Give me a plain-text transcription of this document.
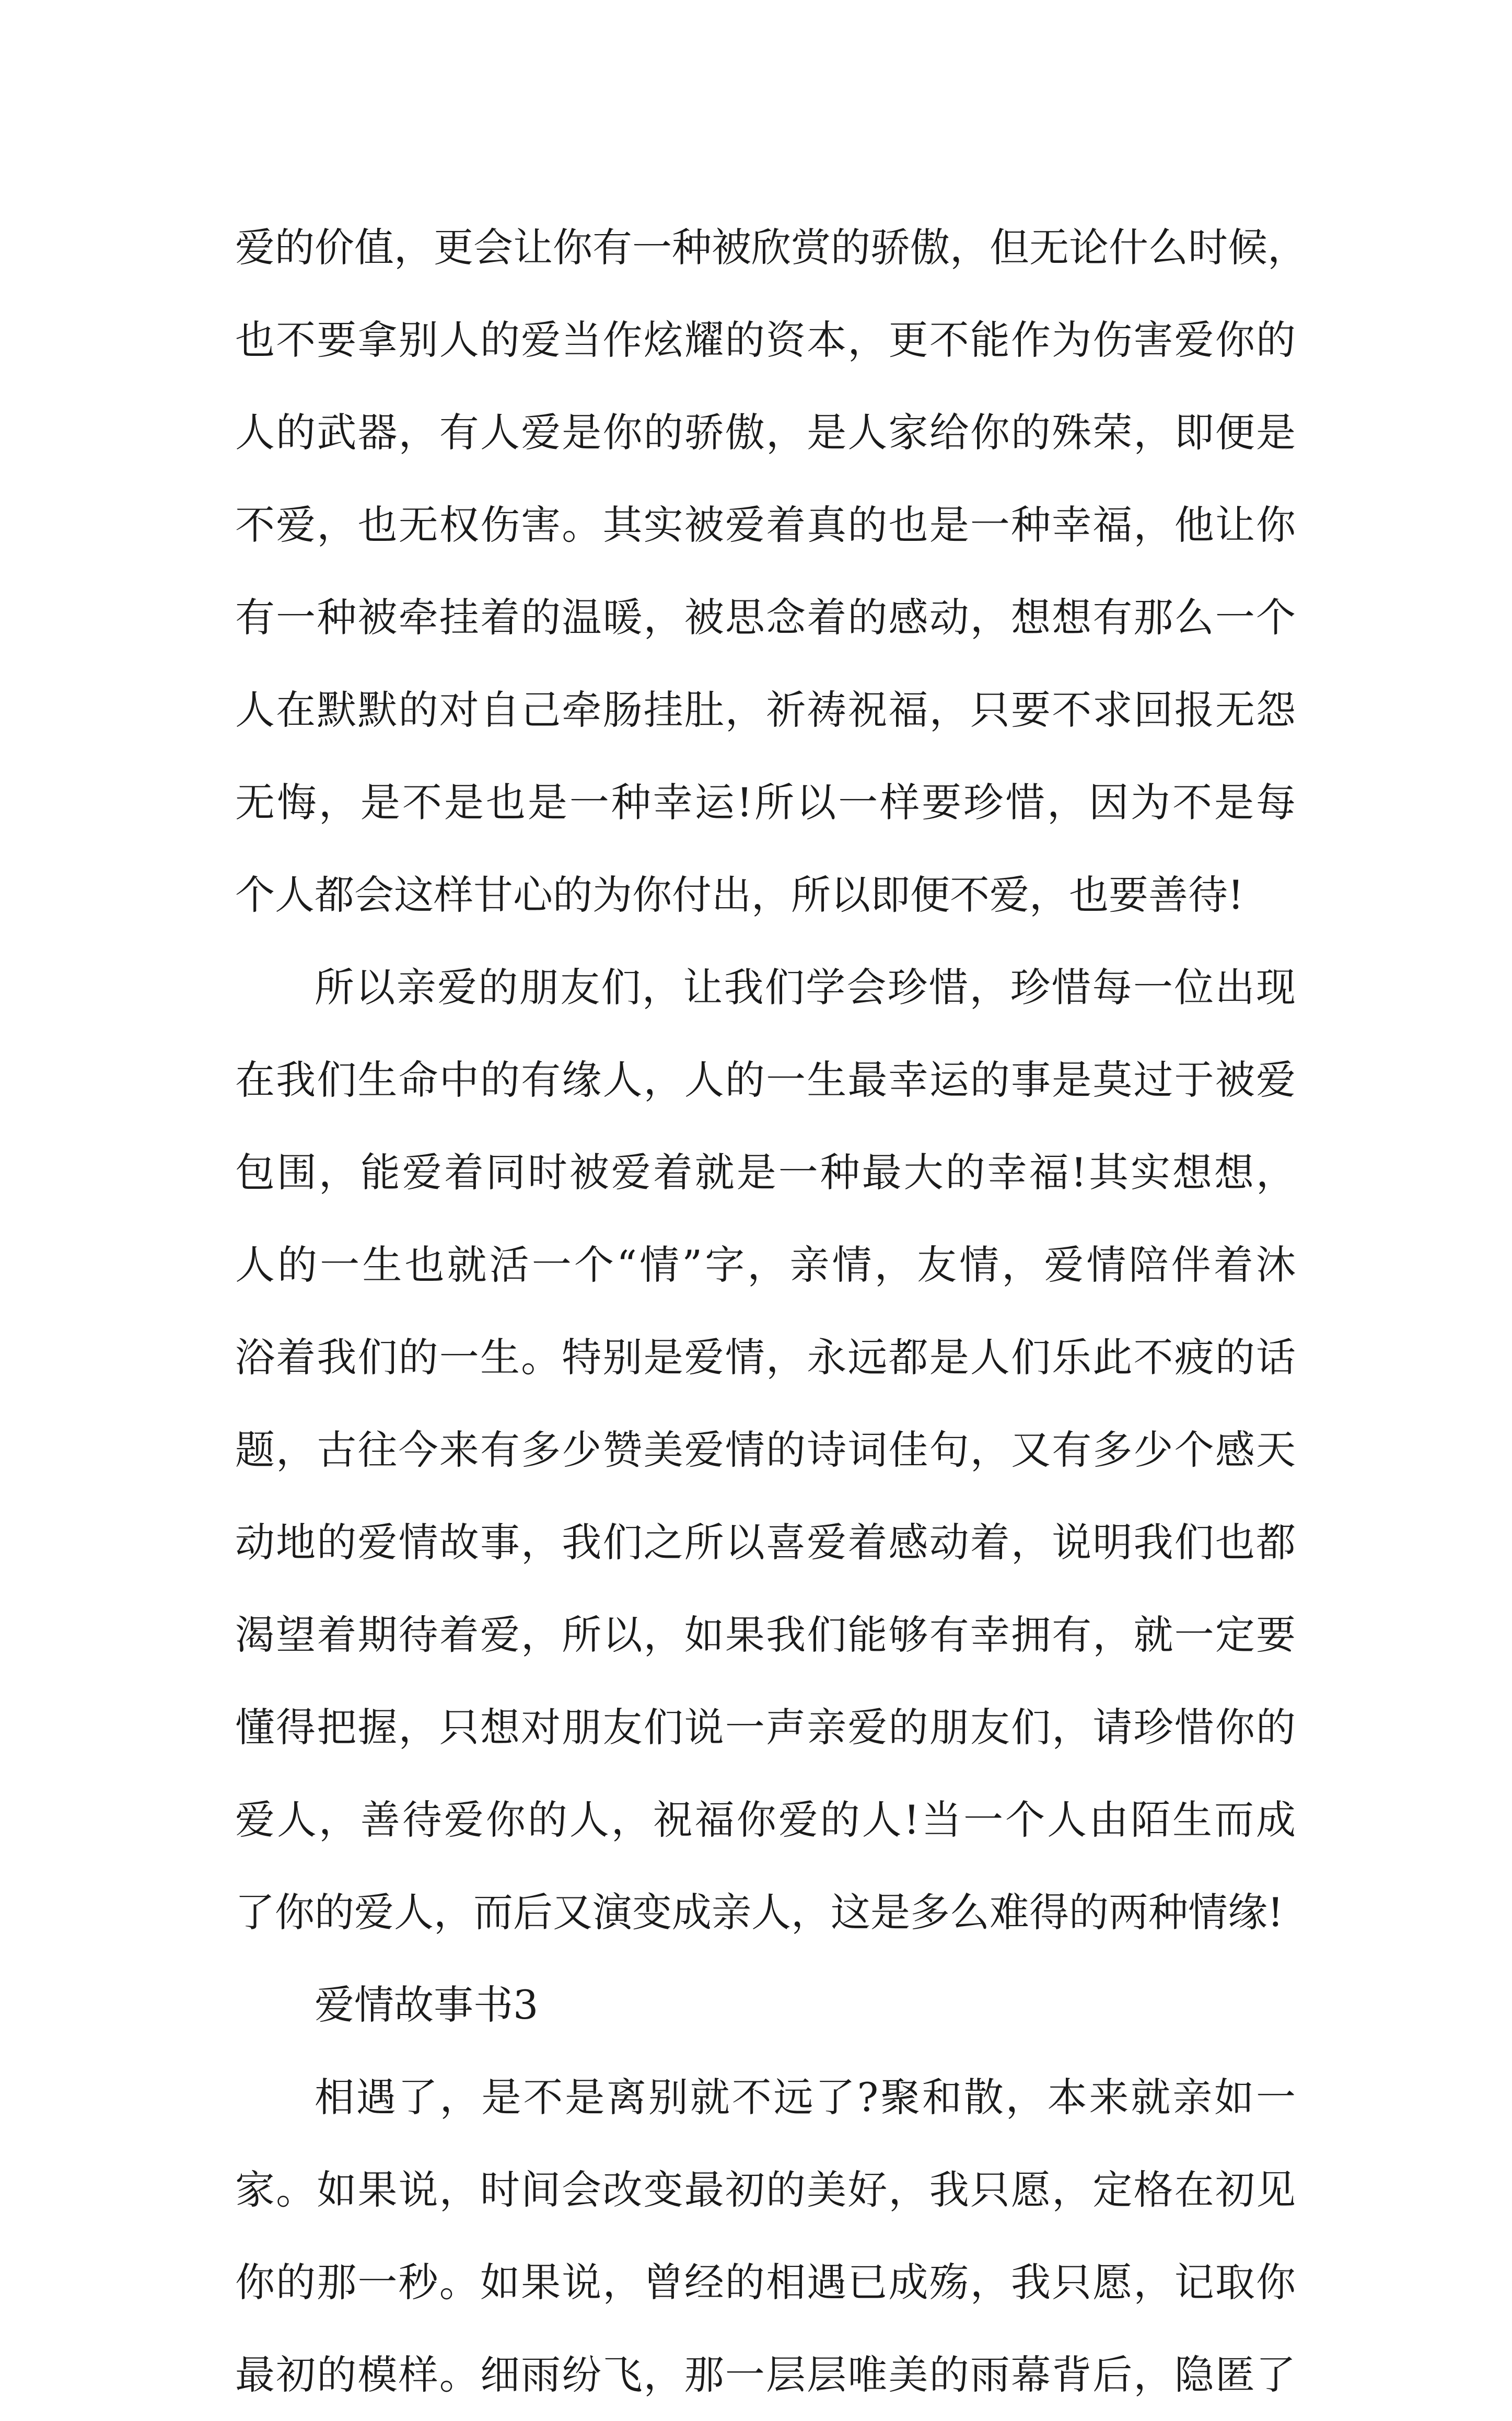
爱的价值，更会让你有一种被欣赏的骄傲，但无论什么时候，
也不要拿别人的爱当作炫耀的资本，更不能作为伤害爱你的
人的武器，有人爱是你的骄傲，是人家给你的殊荣，即便是
不爱，也无权伤害。其实被爱着真的也是一种幸福，他让你
有一种被牵挂着的温暖，被思念着的感动，想想有那么一个
人在默默的对自己牵肠挂肚，祈祷祝福，只要不求回报无怨
无悔，是不是也是一种幸运!所以一样要珍惜，因为不是每
个人都会这样甘心的为你付出，所以即便不爱，也要善待!
所以亲爱的朋友们，让我们学会珍惜，珍惜每一位出现
在我们生命中的有缘人，人的一生最幸运的事是莫过于被爱
包围，能爱着同时被爱着就是一种最大的幸福!其实想想，
人的一生也就活一个“情”字，亲情，友情，爱情陪伴着沐
浴着我们的一生。特别是爱情，永远都是人们乐此不疲的话
题，古往今来有多少赞美爱情的诗词佳句，又有多少个感天
动地的爱情故事，我们之所以喜爱着感动着，说明我们也都
渴望着期待着爱，所以，如果我们能够有幸拥有，就一定要
懂得把握，只想对朋友们说一声亲爱的朋友们，请珍惜你的
爱人，善待爱你的人，祝福你爱的人!当一个人由陌生而成
了你的爱人，而后又演变成亲人，这是多么难得的两种情缘!
爱情故事书3
相遇了，是不是离别就不远了?聚和散，本来就亲如一
家。如果说，时间会改变最初的美好，我只愿，定格在初见
你的那一秒。如果说，曾经的相遇已成殇，我只愿，记取你
最初的模样。细雨纷飞，那一层层唯美的雨幕背后，隐匿了
